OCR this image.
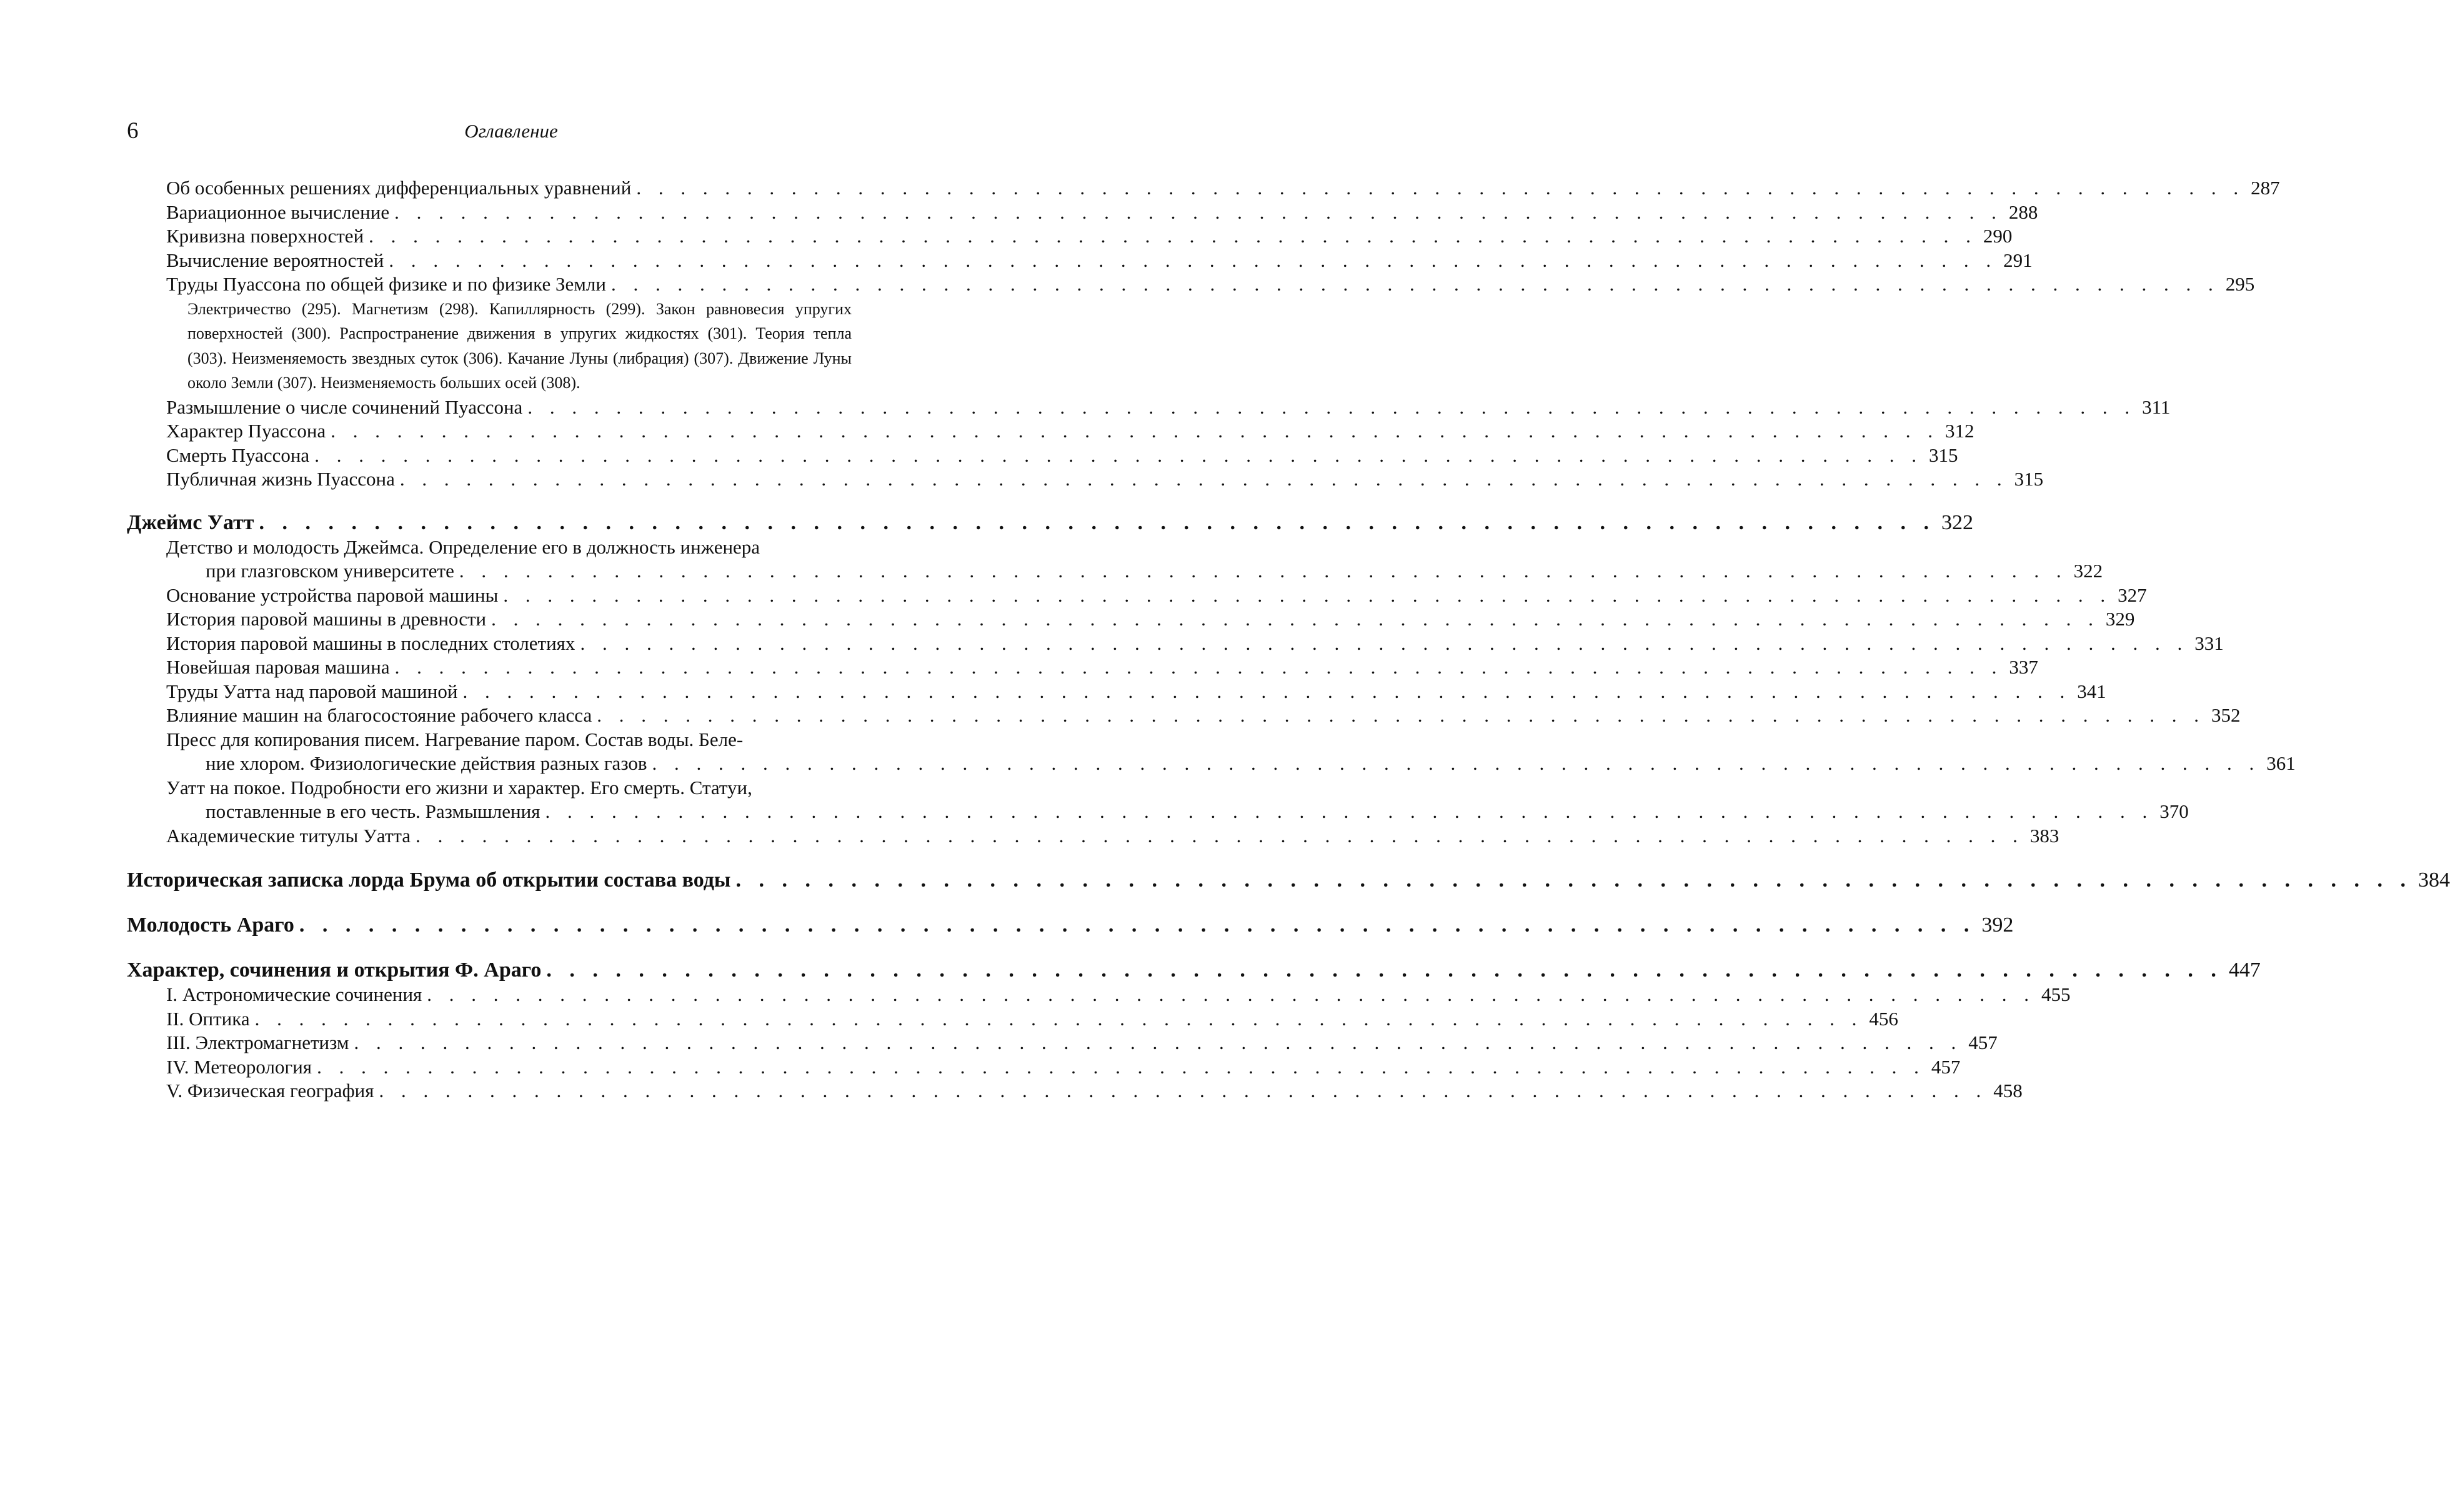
6	Оглавление
Об особенных решениях дифференциальных уравнений . . . . . . . . . . . . . . . . . . . . . . . . . . . . . . . . . . . . . . . . . . . . . . . . . . . . . . . . . . . . . . . . . . . . . . . . . 287
Вариационное вычисление . . . . . . . . . . . . . . . . . . . . . . . . . . . . . . . . . . . . . . . . . . . . . . . . . . . . . . . . . . . . . . . . . . . . . . . . . 288
Кривизна поверхностей . . . . . . . . . . . . . . . . . . . . . . . . . . . . . . . . . . . . . . . . . . . . . . . . . . . . . . . . . . . . . . . . . . . . . . . . . 290
Вычисление вероятностей . . . . . . . . . . . . . . . . . . . . . . . . . . . . . . . . . . . . . . . . . . . . . . . . . . . . . . . . . . . . . . . . . . . . . . . . . 291
Труды Пуассона по общей физике и по физике Земли . . . . . . . . . . . . . . . . . . . . . . . . . . . . . . . . . . . . . . . . . . . . . . . . . . . . . . . . . . . . . . . . . . . . . . . . . 295
Электричество (295). Магнетизм (298). Капиллярность (299). Закон равновесия упругих поверхностей (300). Распространение движения в упругих жидкостях (301). Теория тепла (303). Неизменяемость звездных суток (306). Качание Луны (либрация) (307). Движение Луны около Земли (307). Неизменяемость больших осей (308).
Размышление о числе сочинений Пуассона . . . . . . . . . . . . . . . . . . . . . . . . . . . . . . . . . . . . . . . . . . . . . . . . . . . . . . . . . . . . . . . . . . . . . . . . . 311
Характер Пуассона . . . . . . . . . . . . . . . . . . . . . . . . . . . . . . . . . . . . . . . . . . . . . . . . . . . . . . . . . . . . . . . . . . . . . . . . . 312
Смерть Пуассона . . . . . . . . . . . . . . . . . . . . . . . . . . . . . . . . . . . . . . . . . . . . . . . . . . . . . . . . . . . . . . . . . . . . . . . . . 315
Публичная жизнь Пуассона . . . . . . . . . . . . . . . . . . . . . . . . . . . . . . . . . . . . . . . . . . . . . . . . . . . . . . . . . . . . . . . . . . . . . . . . . 315
Джеймс Уатт . . . . . . . . . . . . . . . . . . . . . . . . . . . . . . . . . . . . . . . . . . . . . . . . . . . . . . . . . . . . . . . . . . . . . . . . . 322
Детство и молодость Джеймса. Определение его в должность инженера
при глазговском университете . . . . . . . . . . . . . . . . . . . . . . . . . . . . . . . . . . . . . . . . . . . . . . . . . . . . . . . . . . . . . . . . . . . . . . . . . 322
Основание устройства паровой машины . . . . . . . . . . . . . . . . . . . . . . . . . . . . . . . . . . . . . . . . . . . . . . . . . . . . . . . . . . . . . . . . . . . . . . . . . 327
История паровой машины в древности . . . . . . . . . . . . . . . . . . . . . . . . . . . . . . . . . . . . . . . . . . . . . . . . . . . . . . . . . . . . . . . . . . . . . . . . . 329
История паровой машины в последних столетиях . . . . . . . . . . . . . . . . . . . . . . . . . . . . . . . . . . . . . . . . . . . . . . . . . . . . . . . . . . . . . . . . . . . . . . . . . 331
Новейшая паровая машина . . . . . . . . . . . . . . . . . . . . . . . . . . . . . . . . . . . . . . . . . . . . . . . . . . . . . . . . . . . . . . . . . . . . . . . . . 337
Труды Уатта над паровой машиной . . . . . . . . . . . . . . . . . . . . . . . . . . . . . . . . . . . . . . . . . . . . . . . . . . . . . . . . . . . . . . . . . . . . . . . . . 341
Влияние машин на благосостояние рабочего класса . . . . . . . . . . . . . . . . . . . . . . . . . . . . . . . . . . . . . . . . . . . . . . . . . . . . . . . . . . . . . . . . . . . . . . . . . 352
Пресс для копирования писем. Нагревание паром. Состав воды. Беле-
ние хлором. Физиологические действия разных газов . . . . . . . . . . . . . . . . . . . . . . . . . . . . . . . . . . . . . . . . . . . . . . . . . . . . . . . . . . . . . . . . . . . . . . . . . 361
Уатт на покое. Подробности его жизни и характер. Его смерть. Статуи,
поставленные в его честь. Размышления . . . . . . . . . . . . . . . . . . . . . . . . . . . . . . . . . . . . . . . . . . . . . . . . . . . . . . . . . . . . . . . . . . . . . . . . . 370
Академические титулы Уатта . . . . . . . . . . . . . . . . . . . . . . . . . . . . . . . . . . . . . . . . . . . . . . . . . . . . . . . . . . . . . . . . . . . . . . . . . 383
Историческая записка лорда Брума об открытии состава воды . . . . . . . . . . . . . . . . . . . . . . . . . . . . . . . . . . . . . . . . . . . . . . . . . . . . . . . . . . . . . . . . . . . . . . . . . 384
Молодость Араго . . . . . . . . . . . . . . . . . . . . . . . . . . . . . . . . . . . . . . . . . . . . . . . . . . . . . . . . . . . . . . . . . . . . . . . . . 392
Характер, сочинения и открытия Ф. Араго . . . . . . . . . . . . . . . . . . . . . . . . . . . . . . . . . . . . . . . . . . . . . . . . . . . . . . . . . . . . . . . . . . . . . . . . . 447
I. Астрономические сочинения . . . . . . . . . . . . . . . . . . . . . . . . . . . . . . . . . . . . . . . . . . . . . . . . . . . . . . . . . . . . . . . . . . . . . . . . . 455
II. Оптика . . . . . . . . . . . . . . . . . . . . . . . . . . . . . . . . . . . . . . . . . . . . . . . . . . . . . . . . . . . . . . . . . . . . . . . . . 456
III. Электромагнетизм . . . . . . . . . . . . . . . . . . . . . . . . . . . . . . . . . . . . . . . . . . . . . . . . . . . . . . . . . . . . . . . . . . . . . . . . . 457
IV. Метеорология . . . . . . . . . . . . . . . . . . . . . . . . . . . . . . . . . . . . . . . . . . . . . . . . . . . . . . . . . . . . . . . . . . . . . . . . . 457
V. Физическая география . . . . . . . . . . . . . . . . . . . . . . . . . . . . . . . . . . . . . . . . . . . . . . . . . . . . . . . . . . . . . . . . . . . . . . . . . 458
